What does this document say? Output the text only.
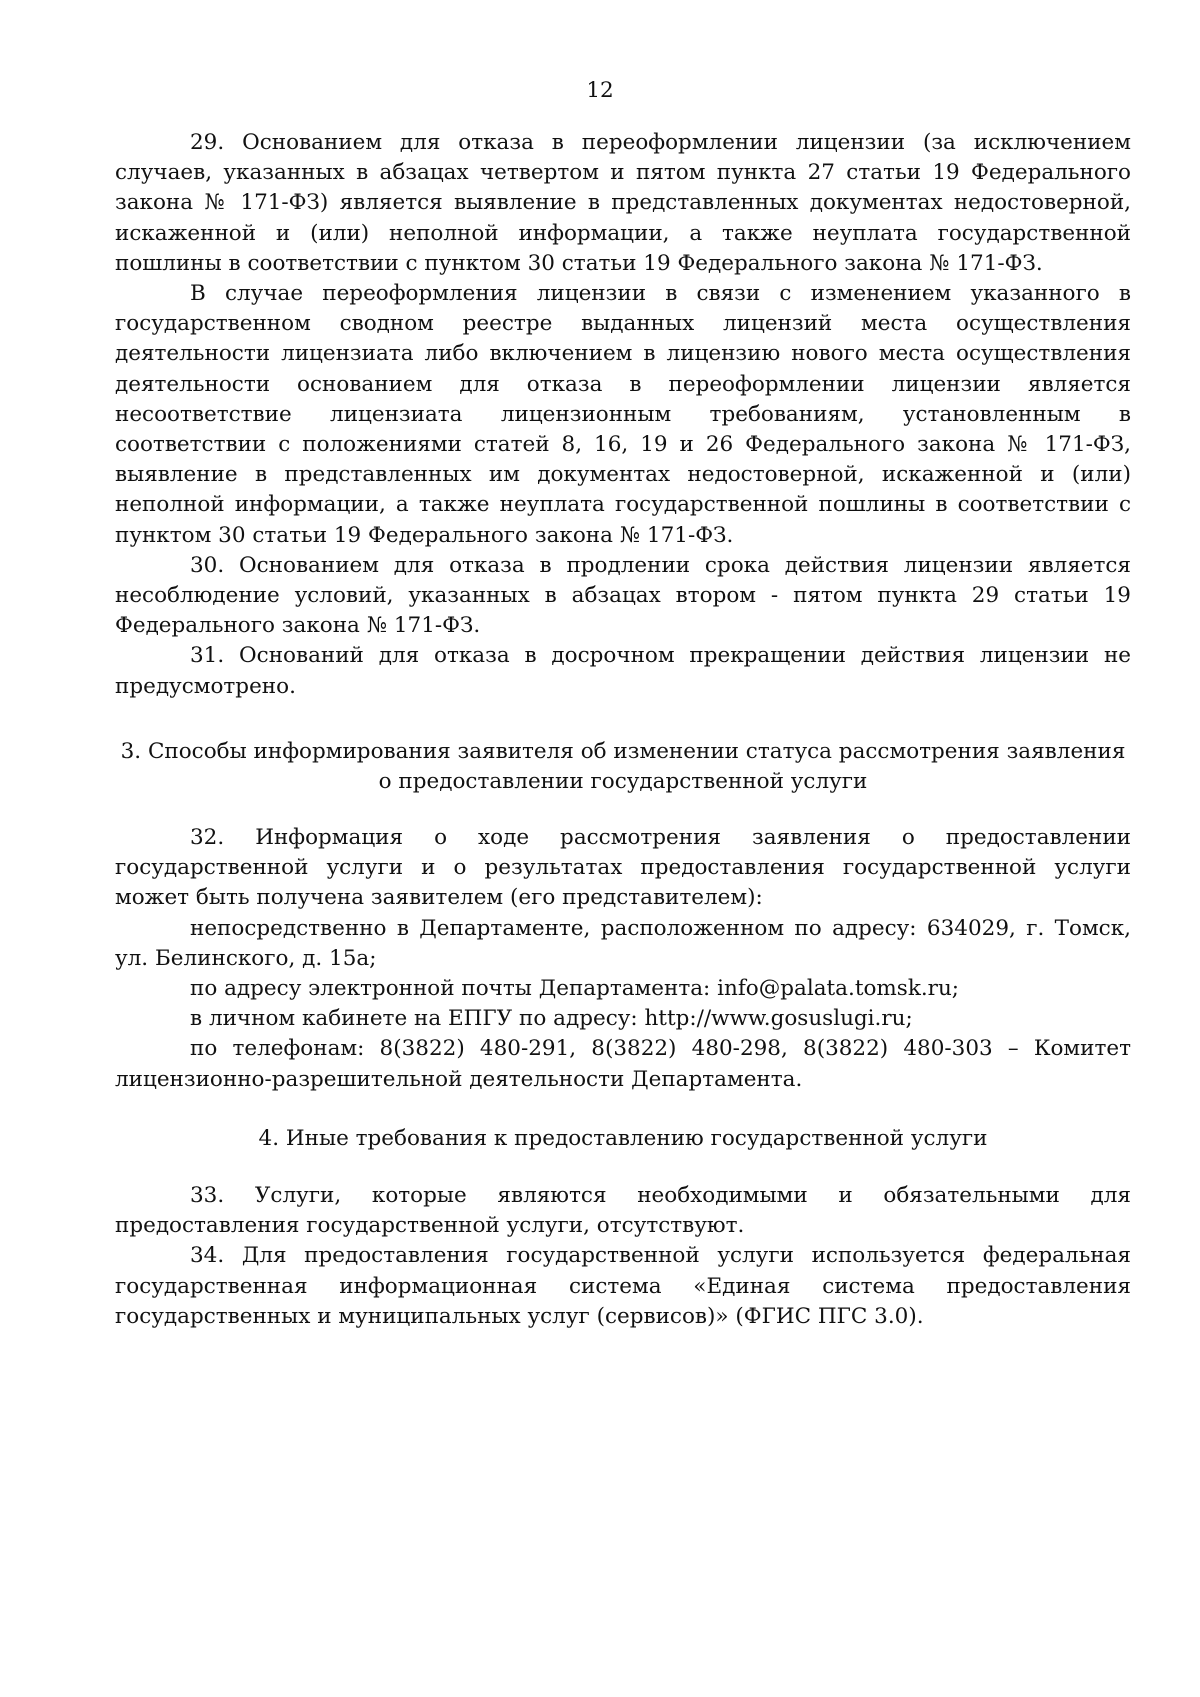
12

29. Основанием для отказа в переоформлении лицензии (за исключением случаев, указанных в абзацах четвертом и пятом пункта 27 статьи 19 Федерального закона № 171-ФЗ) является выявление в представленных документах недостоверной, искаженной и (или) неполной информации, а также неуплата государственной пошлины в соответствии с пунктом 30 статьи 19 Федерального закона № 171-ФЗ.

В случае переоформления лицензии в связи с изменением указанного в государственном сводном реестре выданных лицензий места осуществления деятельности лицензиата либо включением в лицензию нового места осуществления деятельности основанием для отказа в переоформлении лицензии является несоответствие лицензиата лицензионным требованиям, установленным в соответствии с положениями статей 8, 16, 19 и 26 Федерального закона № 171-ФЗ, выявление в представленных им документах недостоверной, искаженной и (или) неполной информации, а также неуплата государственной пошлины в соответствии с пунктом 30 статьи 19 Федерального закона № 171-ФЗ.

30. Основанием для отказа в продлении срока действия лицензии является несоблюдение условий, указанных в абзацах втором - пятом пункта 29 статьи 19 Федерального закона № 171-ФЗ.

31. Оснований для отказа в досрочном прекращении действия лицензии не предусмотрено.

3. Способы информирования заявителя об изменении статуса рассмотрения заявления
о предоставлении государственной услуги

32. Информация о ходе рассмотрения заявления о предоставлении государственной услуги и о результатах предоставления государственной услуги может быть получена заявителем (его представителем):

непосредственно в Департаменте, расположенном по адресу: 634029, г. Томск, ул. Белинского, д. 15а;

по адресу электронной почты Департамента: info@palata.tomsk.ru;

в личном кабинете на ЕПГУ по адресу: http://www.gosuslugi.ru;

по телефонам: 8(3822) 480-291, 8(3822) 480-298, 8(3822) 480-303 – Комитет лицензионно-разрешительной деятельности Департамента.

4. Иные требования к предоставлению государственной услуги

33. Услуги, которые являются необходимыми и обязательными для предоставления государственной услуги, отсутствуют.

34. Для предоставления государственной услуги используется федеральная государственная информационная система «Единая система предоставления государственных и муниципальных услуг (сервисов)» (ФГИС ПГС 3.0).
